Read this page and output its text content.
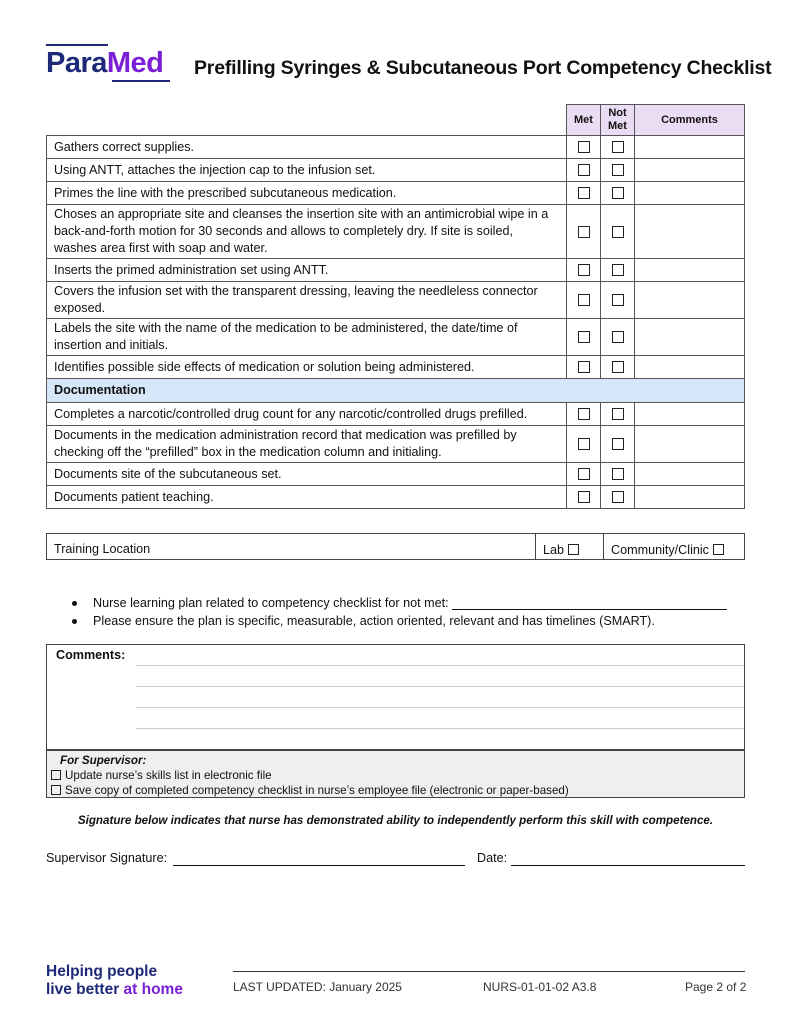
ParaMed Prefilling Syringes & Subcutaneous Port Competency Checklist
	Met	Not Met	Comments
Gathers correct supplies.			
Using ANTT, attaches the injection cap to the infusion set.			
Primes the line with the prescribed subcutaneous medication.			
Choses an appropriate site and cleanses the insertion site with an antimicrobial wipe in a back-and-forth motion for 30 seconds and allows to completely dry. If site is soiled, washes area first with soap and water.			
Inserts the primed administration set using ANTT.			
Covers the infusion set with the transparent dressing, leaving the needleless connector exposed.			
Labels the site with the name of the medication to be administered, the date/time of insertion and initials.			
Identifies possible side effects of medication or solution being administered.			
Documentation			
Completes a narcotic/controlled drug count for any narcotic/controlled drugs prefilled.			
Documents in the medication administration record that medication was prefilled by checking off the “prefilled” box in the medication column and initialing.			
Documents site of the subcutaneous set.			
Documents patient teaching.			
Training Location	Lab	Community/Clinic
Nurse learning plan related to competency checklist for not met:
Please ensure the plan is specific, measurable, action oriented, relevant and has timelines (SMART).
Comments:
For Supervisor:
Update nurse’s skills list in electronic file
Save copy of completed competency checklist in nurse’s employee file (electronic or paper-based)
Signature below indicates that nurse has demonstrated ability to independently perform this skill with competence.
Supervisor Signature:	Date:
Helping people
live better at home	LAST UPDATED: January 2025	NURS-01-01-02 A3.8	Page 2 of 2
